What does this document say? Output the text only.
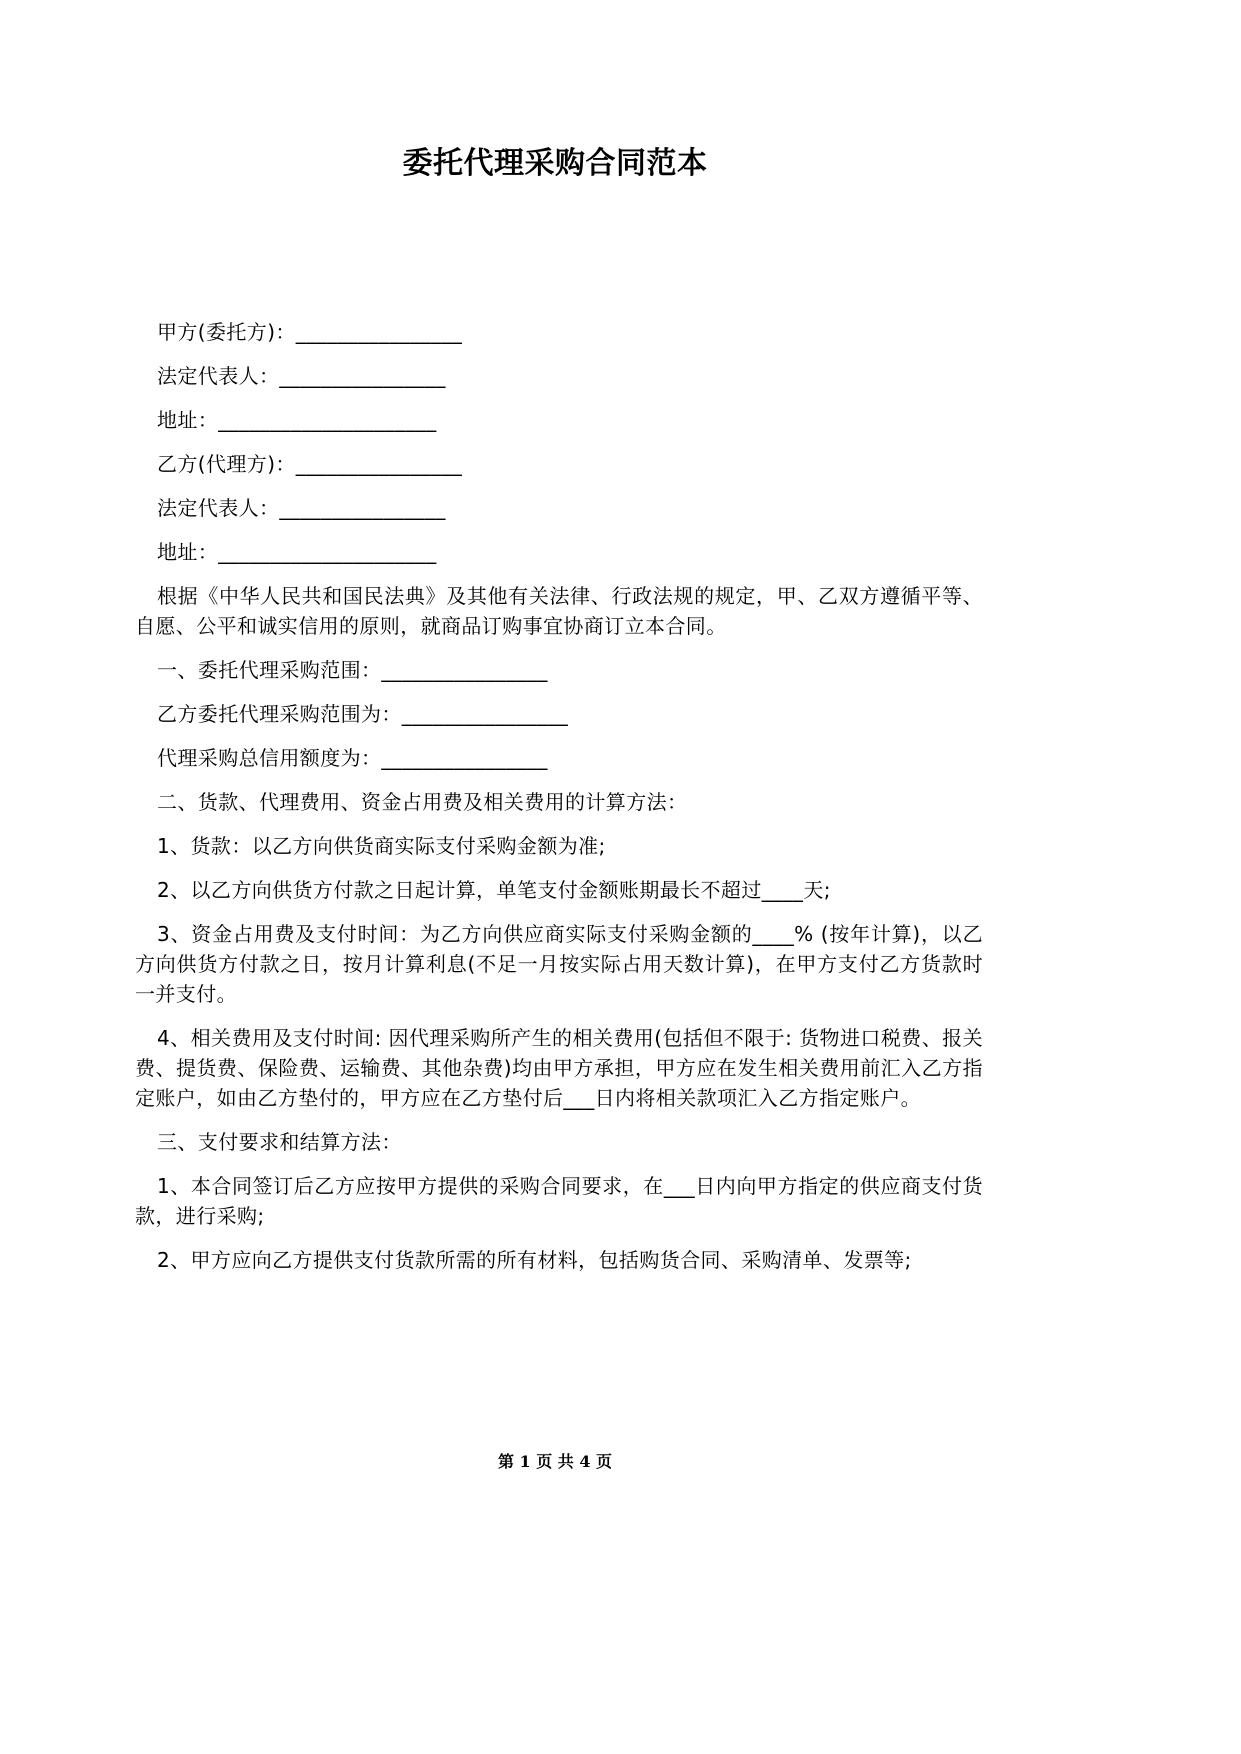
委托代理采购合同范本

甲方(委托方)：________________

法定代表人：________________

地址：_____________________

乙方(代理方)：________________

法定代表人：________________

地址：_____________________

根据《中华人民共和国民法典》及其他有关法律、行政法规的规定，甲、乙双方遵循平等、自愿、公平和诚实信用的原则，就商品订购事宜协商订立本合同。

一、委托代理采购范围：________________

乙方委托代理采购范围为：________________

代理采购总信用额度为：________________

二、货款、代理费用、资金占用费及相关费用的计算方法：

1、货款：以乙方向供货商实际支付采购金额为准;

2、以乙方向供货方付款之日起计算，单笔支付金额账期最长不超过____天;

3、资金占用费及支付时间：为乙方向供应商实际支付采购金额的____% (按年计算)，以乙方向供货方付款之日，按月计算利息(不足一月按实际占用天数计算)，在甲方支付乙方货款时一并支付。

4、相关费用及支付时间: 因代理采购所产生的相关费用(包括但不限于: 货物进口税费、报关费、提货费、保险费、运输费、其他杂费)均由甲方承担，甲方应在发生相关费用前汇入乙方指定账户，如由乙方垫付的，甲方应在乙方垫付后___日内将相关款项汇入乙方指定账户。

三、支付要求和结算方法：

1、本合同签订后乙方应按甲方提供的采购合同要求，在___日内向甲方指定的供应商支付货款，进行采购;

2、甲方应向乙方提供支付货款所需的所有材料，包括购货合同、采购清单、发票等;

第 1 页 共 4 页
